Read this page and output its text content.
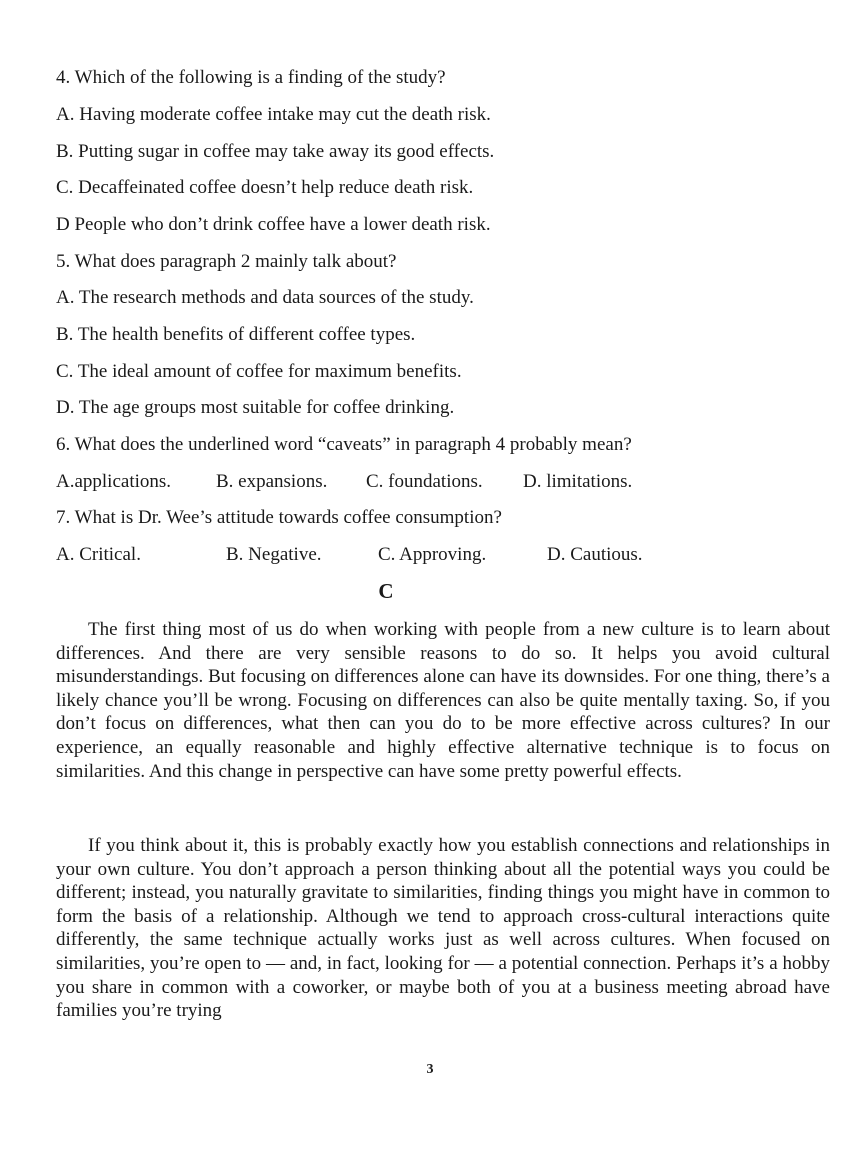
4. Which of the following is a finding of the study?
A. Having moderate coffee intake may cut the death risk.
B. Putting sugar in coffee may take away its good effects.
C. Decaffeinated coffee doesn’t help reduce death risk.
D People who don’t drink coffee have a lower death risk.
5. What does paragraph 2 mainly talk about?
A. The research methods and data sources of the study.
B. The health benefits of different coffee types.
C. The ideal amount of coffee for maximum benefits.
D. The age groups most suitable for coffee drinking.
6. What does the underlined word “caveats” in paragraph 4 probably mean?
A.applications. B. expansions. C. foundations. D. limitations.
7. What is Dr. Wee’s attitude towards coffee consumption?
A. Critical.	B. Negative.	C. Approving.	D. Cautious.
C

The first thing most of us do when working with people from a new culture is to learn about differences. And there are very sensible reasons to do so. It helps you avoid cultural misunderstandings. But focusing on differences alone can have its downsides. For one thing, there’s a likely chance you’ll be wrong. Focusing on differences can also be quite mentally taxing. So, if you don’t focus on differences, what then can you do to be more effective across cultures? In our experience, an equally reasonable and highly effective alternative technique is to focus on similarities. And this change in perspective can have some pretty powerful effects.

If you think about it, this is probably exactly how you establish connections and relationships in your own culture. You don’t approach a person thinking about all the potential ways you could be different; instead, you naturally gravitate to similarities, finding things you might have in common to form the basis of a relationship. Although we tend to approach cross-cultural interactions quite differently, the same technique actually works just as well across cultures. When focused on similarities, you’re open to — and, in fact, looking for — a potential connection. Perhaps it’s a hobby you share in common with a coworker, or maybe both of you at a business meeting abroad have families you’re trying

3
